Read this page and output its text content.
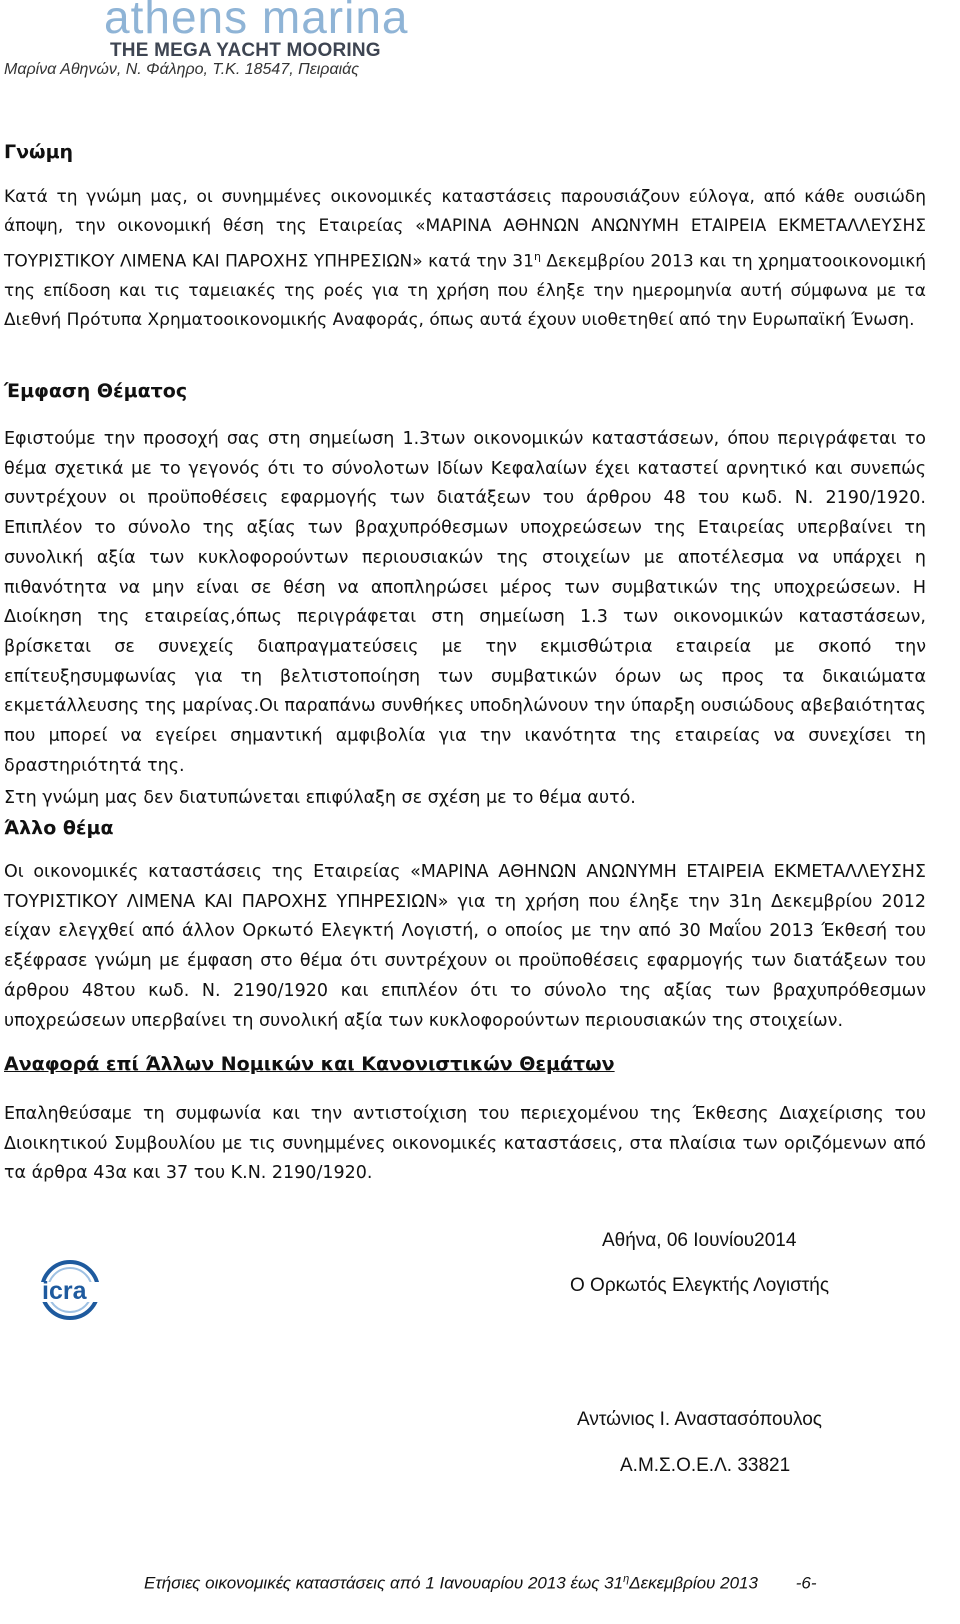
athens marina
THE MEGA YACHT MOORING
Μαρίνα Αθηνών, Ν. Φάληρο, Τ.Κ. 18547, Πειραιάς
Γνώμη

Κατά τη γνώμη μας, οι συνημμένες οικονομικές καταστάσεις παρουσιάζουν εύλογα, από κάθε ουσιώδη άποψη, την οικονομική θέση της Εταιρείας «ΜΑΡΙΝΑ ΑΘΗΝΩΝ ΑΝΩΝΥΜΗ ΕΤΑΙΡΕΙΑ ΕΚΜΕΤΑΛΛΕΥΣΗΣ ΤΟΥΡΙΣΤΙΚΟΥ ΛΙΜΕΝΑ ΚΑΙ ΠΑΡΟΧΗΣ ΥΠΗΡΕΣΙΩΝ» κατά την $31^\eta$ Δεκεμβρίου 2013 και τη χρηματοοικονομική της επίδοση και τις ταμειακές της ροές για τη χρήση που έληξε την ημερομηνία αυτή σύμφωνα με τα Διεθνή Πρότυπα Χρηματοοικονομικής Αναφοράς, όπως αυτά έχουν υιοθετηθεί από την Ευρωπαϊκή Ένωση.

Έμφαση Θέματος

Εφιστούμε την προσοχή σας στη σημείωση 1.3των οικονομικών καταστάσεων, όπου περιγράφεται το θέμα σχετικά με το γεγονός ότι το σύνολοτων Ιδίων Κεφαλαίων έχει καταστεί αρνητικό και συνεπώς συντρέχουν οι προϋποθέσεις εφαρμογής των διατάξεων του άρθρου 48 του κωδ. Ν. 2190/1920. Επιπλέον το σύνολο της αξίας των βραχυπρόθεσμων υποχρεώσεων της Εταιρείας υπερβαίνει τη συνολική αξία των κυκλοφορούντων περιουσιακών της στοιχείων με αποτέλεσμα να υπάρχει η πιθανότητα να μην είναι σε θέση να αποπληρώσει μέρος των συμβατικών της υποχρεώσεων. Η Διοίκηση της εταιρείας,όπως περιγράφεται στη σημείωση 1.3 των οικονομικών καταστάσεων, βρίσκεται σε συνεχείς διαπραγματεύσεις με την εκμισθώτρια εταιρεία με σκοπό την επίτευξησυμφωνίας για τη βελτιστοποίηση των συμβατικών όρων ως προς τα δικαιώματα εκμετάλλευσης της μαρίνας.Οι παραπάνω συνθήκες υποδηλώνουν την ύπαρξη ουσιώδους αβεβαιότητας που μπορεί να εγείρει σημαντική αμφιβολία για την ικανότητα της εταιρείας να συνεχίσει τη δραστηριότητά της.

Στη γνώμη μας δεν διατυπώνεται επιφύλαξη σε σχέση με το θέμα αυτό.
Άλλο θέμα

Οι οικονομικές καταστάσεις της Εταιρείας «ΜΑΡΙΝΑ ΑΘΗΝΩΝ ΑΝΩΝΥΜΗ ΕΤΑΙΡΕΙΑ ΕΚΜΕΤΑΛΛΕΥΣΗΣ ΤΟΥΡΙΣΤΙΚΟΥ ΛΙΜΕΝΑ ΚΑΙ ΠΑΡΟΧΗΣ ΥΠΗΡΕΣΙΩΝ» για τη χρήση που έληξε την 31η Δεκεμβρίου 2012 είχαν ελεγχθεί από άλλον Ορκωτό Ελεγκτή Λογιστή, ο οποίος με την από 30 Μαΐου 2013 Έκθεσή του εξέφρασε γνώμη με έμφαση στο θέμα ότι συντρέχουν οι προϋποθέσεις εφαρμογής των διατάξεων του άρθρου 48του κωδ. Ν. 2190/1920 και επιπλέον ότι το σύνολο της αξίας των βραχυπρόθεσμων υποχρεώσεων υπερβαίνει τη συνολική αξία των κυκλοφορούντων περιουσιακών της στοιχείων.

Αναφορά επί Άλλων Νομικών και Κανονιστικών Θεμάτων

Επαληθεύσαμε τη συμφωνία και την αντιστοίχιση του περιεχομένου της Έκθεσης Διαχείρισης του Διοικητικού Συμβουλίου με τις συνημμένες οικονομικές καταστάσεις, στα πλαίσια των οριζόμενων από τα άρθρα 43α και 37 του Κ.Ν. 2190/1920.

icra
Αθήνα, 06 Ιουνίου2014
Ο Ορκωτός Ελεγκτής Λογιστής
Αντώνιος Ι. Αναστασόπουλος
Α.Μ.Σ.Ο.Ε.Λ. 33821
Ετήσιες οικονομικές καταστάσεις από 1 Ιανουαρίου 2013 έως $31^\eta\Delta\varepsilon\kappa\varepsilon\mu\beta\rho ίo\upsilon$ 2013 -6-
